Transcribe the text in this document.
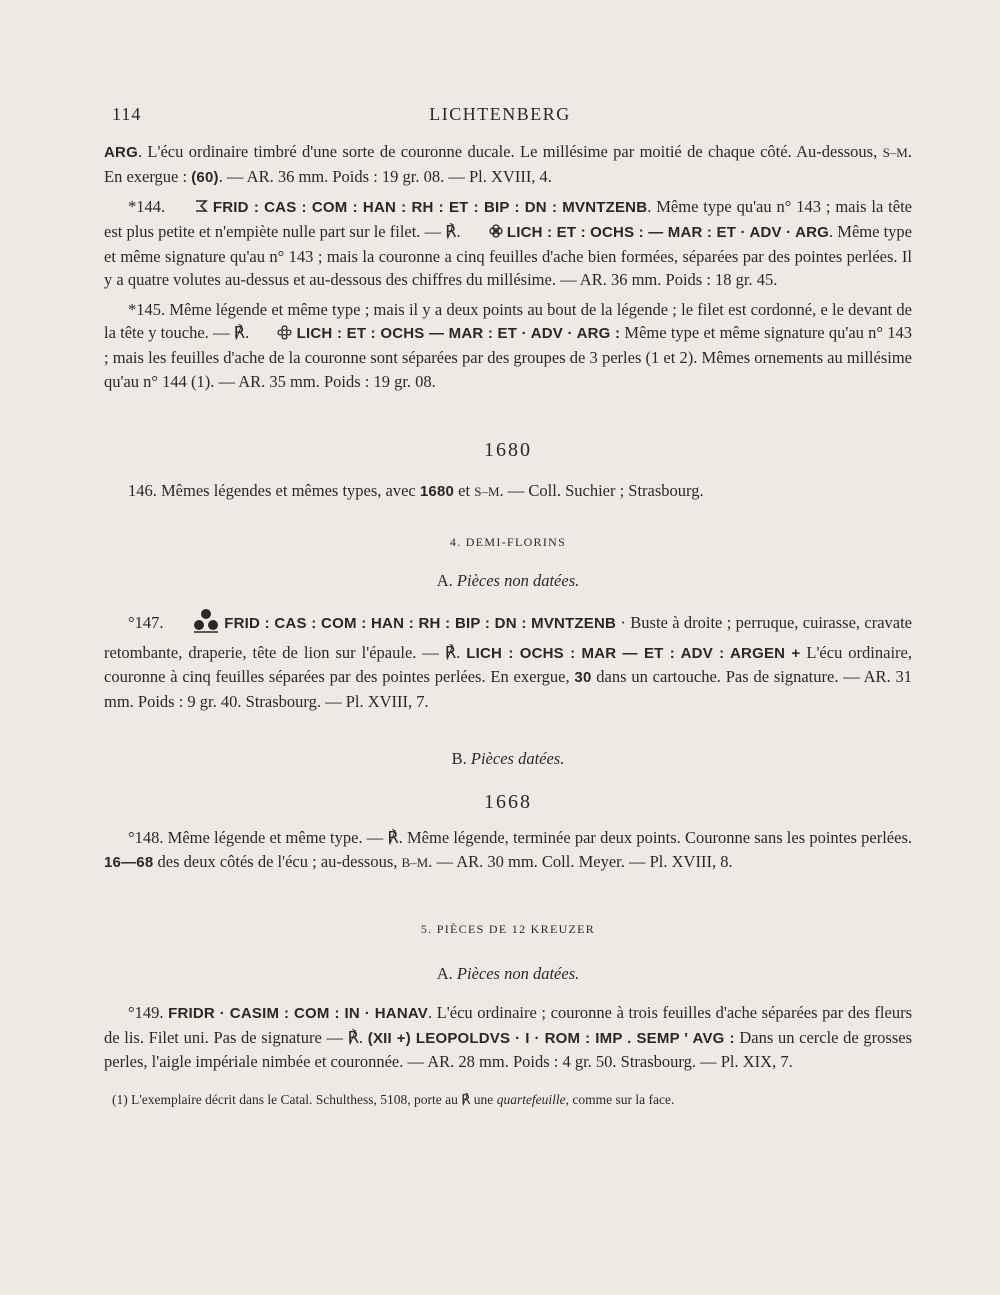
114	LICHTENBERG

ARG. L'écu ordinaire timbré d'une sorte de couronne ducale. Le millésime par moitié de chaque côté. Au-dessous, S–M. En exergue : (60). — AR. 36 mm. Poids : 19 gr. 08. — Pl. XVIII, 4.

*144.	FRID : CAS : COM : HAN : RH : ET : BIP : DN : MVNTZENB. Même type qu'au n° 143 ; mais la tête est plus petite et n'empiète nulle part sur le filet. — ℟.	LICH : ET : OCHS : — MAR : ET · ADV · ARG. Même type et même signature qu'au n° 143 ; mais la couronne a cinq feuilles d'ache bien formées, séparées par des pointes perlées. Il y a quatre volutes au-dessus et au-dessous des chiffres du millésime. — AR. 36 mm. Poids : 18 gr. 45.

*145. Même légende et même type ; mais il y a deux points au bout de la légende ; le filet est cordonné, e le devant de la tête y touche. — ℟.	LICH : ET : OCHS — MAR : ET · ADV · ARG : Même type et même signature qu'au n° 143 ; mais les feuilles d'ache de la couronne sont séparées par des groupes de 3 perles (1 et 2). Mêmes ornements au millésime qu'au n° 144 (1). — AR. 35 mm. Poids : 19 gr. 08.

1680

146. Mêmes légendes et mêmes types, avec 1680 et S–M. — Coll. Suchier ; Strasbourg.

4. DEMI-FLORINS
A. Pièces non datées.

°147.	FRID : CAS : COM : HAN : RH : BIP : DN : MVNTZENB · Buste à droite ; perruque, cuirasse, cravate retombante, draperie, tête de lion sur l'épaule. — ℟. LICH : OCHS : MAR — ET : ADV : ARGEN + L'écu ordinaire, couronne à cinq feuilles séparées par des pointes perlées. En exergue, 30 dans un cartouche. Pas de signature. — AR. 31 mm. Poids : 9 gr. 40. Strasbourg. — Pl. XVIII, 7.

B. Pièces datées.
1668

°148. Même légende et même type. — ℟. Même légende, terminée par deux points. Couronne sans les pointes perlées. 16—68 des deux côtés de l'écu ; au-dessous, B–M. — AR. 30 mm. Coll. Meyer. — Pl. XVIII, 8.

5. PIÈCES DE 12 KREUZER
A. Pièces non datées.

°149. FRIDR · CASIM : COM : IN · HANAV. L'écu ordinaire ; couronne à trois feuilles d'ache séparées par des fleurs de lis. Filet uni. Pas de signature — ℟. (XII +) LEOPOLDVS · I · ROM : IMP . SEMP ' AVG : Dans un cercle de grosses perles, l'aigle impériale nimbée et couronnée. — AR. 28 mm. Poids : 4 gr. 50. Strasbourg. — Pl. XIX, 7.

(1) L'exemplaire décrit dans le Catal. Schulthess, 5108, porte au ℟ une quartefeuille, comme sur la face.
